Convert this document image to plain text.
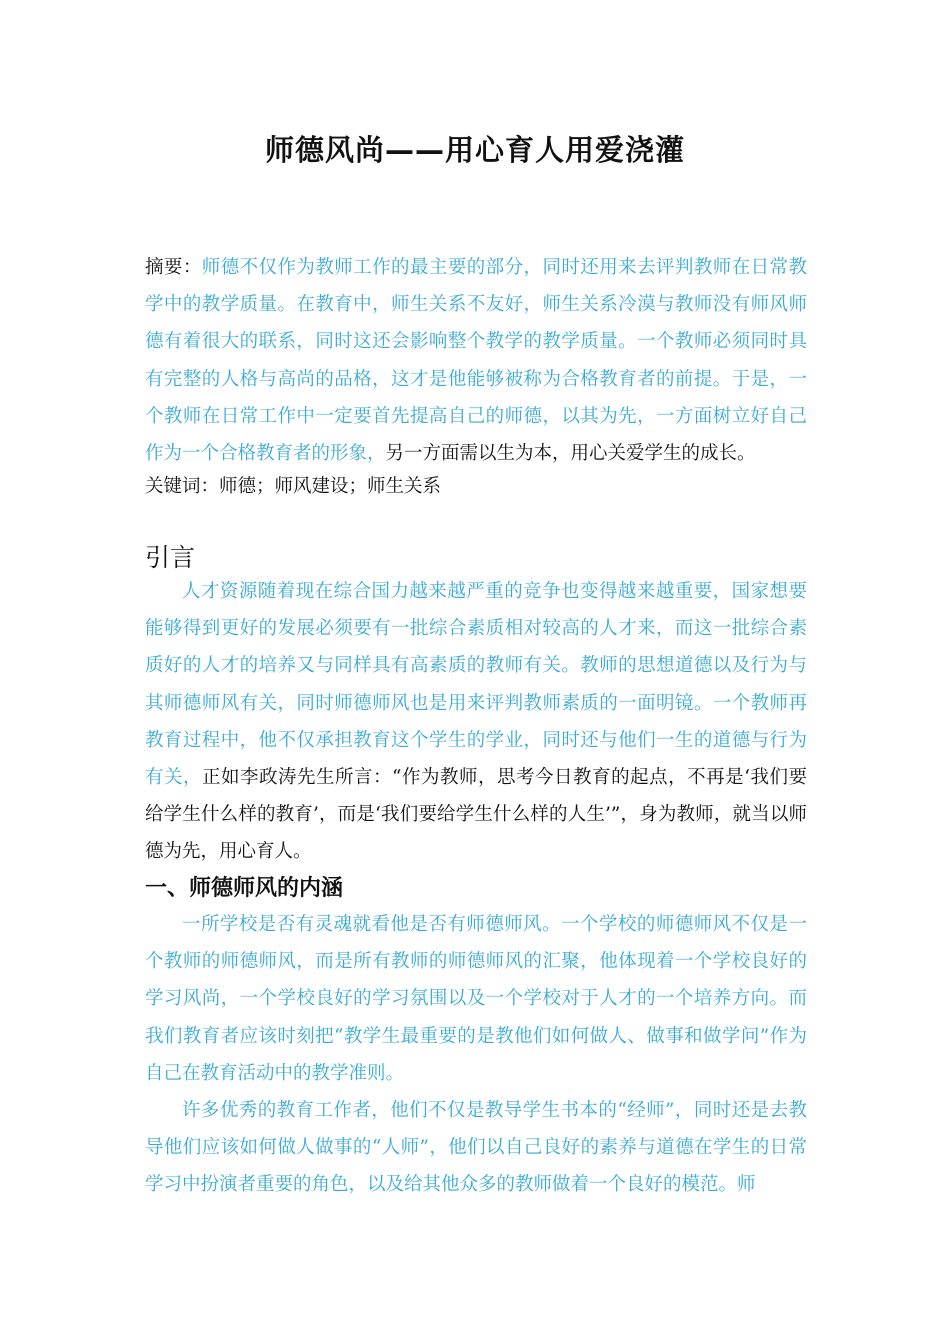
师德风尚——用心育人用爱浇灌

摘要：师德不仅作为教师工作的最主要的部分，同时还用来去评判教师在日常教学中的教学质量。在教育中，师生关系不友好，师生关系冷漠与教师没有师风师德有着很大的联系，同时这还会影响整个教学的教学质量。一个教师必须同时具有完整的人格与高尚的品格，这才是他能够被称为合格教育者的前提。于是，一个教师在日常工作中一定要首先提高自己的师德，以其为先，一方面树立好自己作为一个合格教育者的形象，另一方面需以生为本，用心关爱学生的成长。

关键词：师德；师风建设；师生关系

引言

人才资源随着现在综合国力越来越严重的竞争也变得越来越重要，国家想要能够得到更好的发展必须要有一批综合素质相对较高的人才来，而这一批综合素质好的人才的培养又与同样具有高素质的教师有关。教师的思想道德以及行为与其师德师风有关，同时师德师风也是用来评判教师素质的一面明镜。一个教师再教育过程中，他不仅承担教育这个学生的学业，同时还与他们一生的道德与行为有关，正如李政涛先生所言：“作为教师，思考今日教育的起点，不再是‘我们要给学生什么样的教育’，而是‘我们要给学生什么样的人生’”，身为教师，就当以师德为先，用心育人。

一、师德师风的内涵

一所学校是否有灵魂就看他是否有师德师风。一个学校的师德师风不仅是一个教师的师德师风，而是所有教师的师德师风的汇聚，他体现着一个学校良好的学习风尚，一个学校良好的学习氛围以及一个学校对于人才的一个培养方向。而我们教育者应该时刻把“教学生最重要的是教他们如何做人、做事和做学问”作为自己在教育活动中的教学准则。

许多优秀的教育工作者，他们不仅是教导学生书本的“经师”，同时还是去教导他们应该如何做人做事的“人师”，他们以自己良好的素养与道德在学生的日常学习中扮演者重要的角色，以及给其他众多的教师做着一个良好的模范。师
